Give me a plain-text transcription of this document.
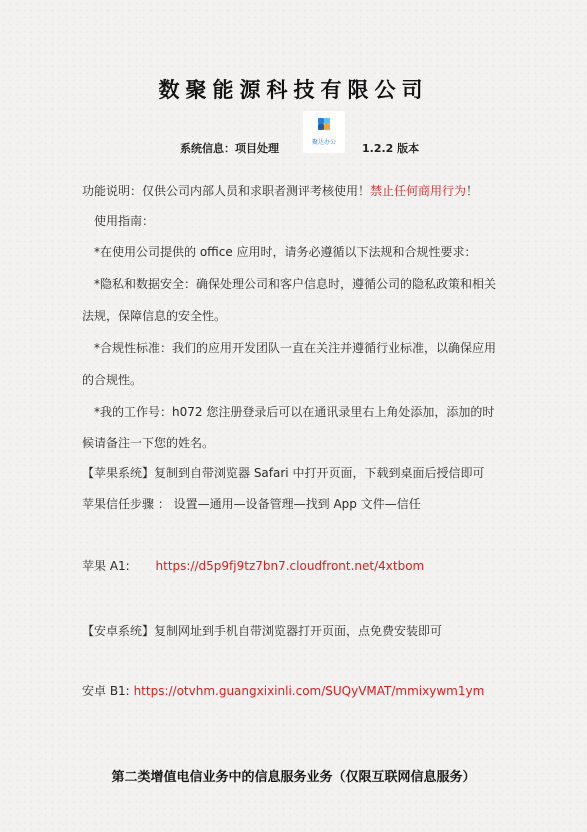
数聚能源科技有限公司
系统信息：项目处理	聚达办公	1.2.2 版本
功能说明：仅供公司内部人员和求职者测评考核使用！禁止任何商用行为！
使用指南：
*在使用公司提供的 office 应用时，请务必遵循以下法规和合规性要求：
*隐私和数据安全：确保处理公司和客户信息时，遵循公司的隐私政策和相关
法规，保障信息的安全性。
*合规性标准：我们的应用开发团队一直在关注并遵循行业标准，以确保应用
的合规性。
*我的工作号：h072 您注册登录后可以在通讯录里右上角处添加，添加的时
候请备注一下您的姓名。
【苹果系统】复制到自带浏览器 Safari 中打开页面，下载到桌面后授信即可
苹果信任步骤 ： 设置—通用—设备管理—找到 App 文件—信任
苹果 A1: https://d5p9fj9tz7bn7.cloudfront.net/4xtbom
【安卓系统】复制网址到手机自带浏览器打开页面，点免费安装即可
安卓 B1: https://otvhm.guangxixinli.com/SUQyVMAT/mmixywm1ym
第二类增值电信业务中的信息服务业务（仅限互联网信息服务）
